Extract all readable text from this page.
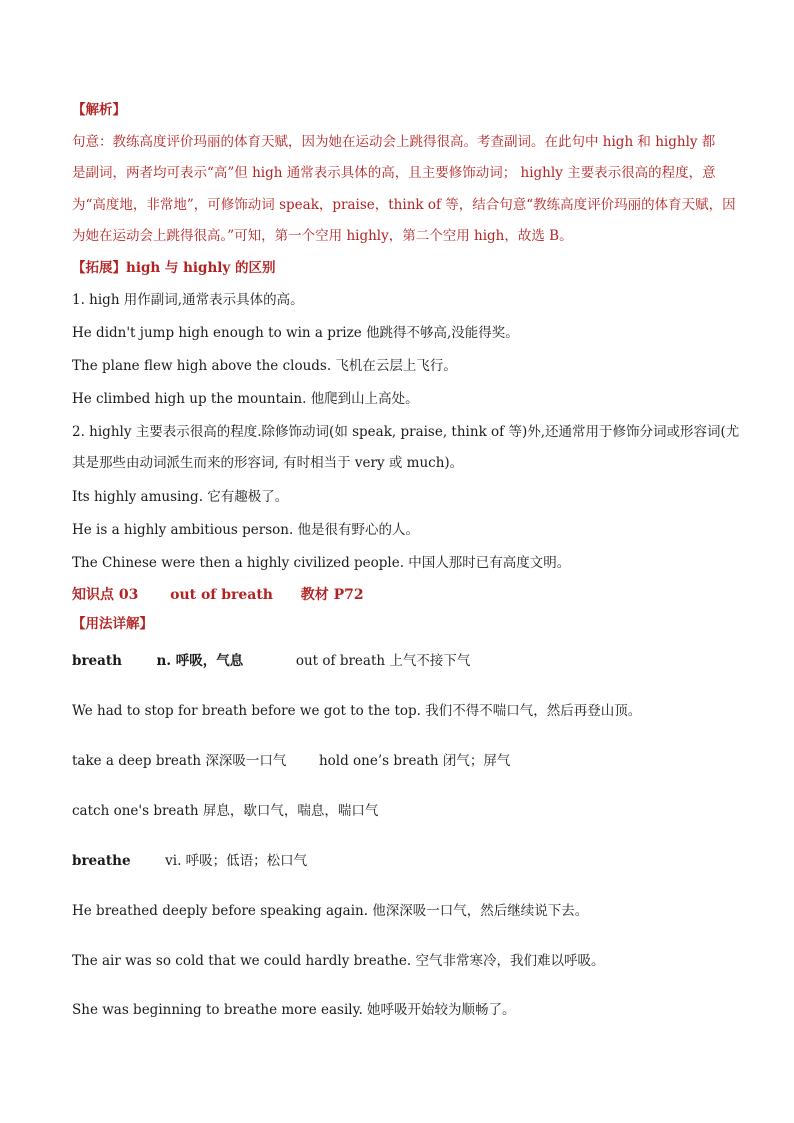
【解析】
句意：教练高度评价玛丽的体育天赋，因为她在运动会上跳得很高。考查副词。在此句中 high 和 highly 都
是副词，两者均可表示“高”但 high 通常表示具体的高，且主要修饰动词； highly 主要表示很高的程度，意
为“高度地，非常地”，可修饰动词 speak，praise，think of 等，结合句意“教练高度评价玛丽的体育天赋，因
为她在运动会上跳得很高。”可知，第一个空用 highly，第二个空用 high，故选 B。
【拓展】high 与 highly 的区别
1. high 用作副词,通常表示具体的高。
He didn't jump high enough to win a prize 他跳得不够高,没能得奖。
The plane flew high above the clouds. 飞机在云层上飞行。
He climbed high up the mountain. 他爬到山上高处。
2. highly 主要表示很高的程度.除修饰动词(如 speak, praise, think of 等)外,还通常用于修饰分词或形容词(尤
其是那些由动词派生而来的形容词, 有时相当于 very 或 much)。
Its highly amusing. 它有趣极了。
He is a highly ambitious person. 他是很有野心的人。
The Chinese were then a highly civilized people. 中国人那时已有高度文明。
知识点 03 out of breath 教材 P72
【用法详解】
breath	n. 呼吸，气息	out of breath 上气不接下气
We had to stop for breath before we got to the top. 我们不得不喘口气，然后再登山顶。
take a deep breath 深深吸一口气 hold one’s breath 闭气；屏气
catch one's breath 屏息，歇口气，喘息，喘口气
breathe	vi. 呼吸；低语；松口气
He breathed deeply before speaking again. 他深深吸一口气，然后继续说下去。
The air was so cold that we could hardly breathe. 空气非常寒冷，我们难以呼吸。
She was beginning to breathe more easily. 她呼吸开始较为顺畅了。
